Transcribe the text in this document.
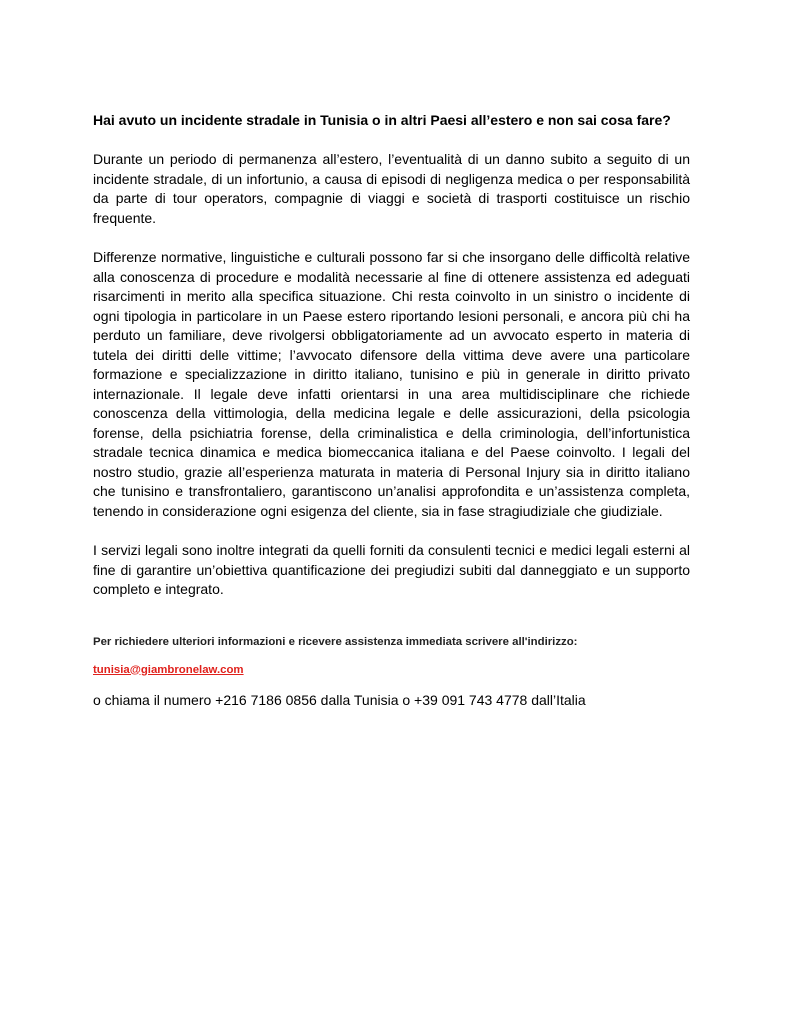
Hai avuto un incidente stradale in Tunisia o in altri Paesi all’estero e non sai cosa fare?

Durante un periodo di permanenza all’estero, l’eventualità di un danno subito a seguito di un incidente stradale, di un infortunio, a causa di episodi di negligenza medica o per responsabilità da parte di tour operators, compagnie di viaggi e società di trasporti costituisce un rischio frequente.

Differenze normative, linguistiche e culturali possono far si che insorgano delle difficoltà relative alla conoscenza di procedure e modalità necessarie al fine di ottenere assistenza ed adeguati risarcimenti in merito alla specifica situazione. Chi resta coinvolto in un sinistro o incidente di ogni tipologia in particolare in un Paese estero riportando lesioni personali, e ancora più chi ha perduto un familiare, deve rivolgersi obbligatoriamente ad un avvocato esperto in materia di tutela dei diritti delle vittime; l’avvocato difensore della vittima deve avere una particolare formazione e specializzazione in diritto italiano, tunisino e più in generale in diritto privato internazionale. Il legale deve infatti orientarsi in una area multidisciplinare che richiede conoscenza della vittimologia, della medicina legale e delle assicurazioni, della psicologia forense, della psichiatria forense, della criminalistica e della criminologia, dell’infortunistica stradale tecnica dinamica e medica biomeccanica italiana e del Paese coinvolto. I legali del nostro studio, grazie all’esperienza maturata in materia di Personal Injury sia in diritto italiano che tunisino e transfrontaliero, garantiscono un’analisi approfondita e un’assistenza completa, tenendo in considerazione ogni esigenza del cliente, sia in fase stragiudiziale che giudiziale.

I servizi legali sono inoltre integrati da quelli forniti da consulenti tecnici e medici legali esterni al fine di garantire un’obiettiva quantificazione dei pregiudizi subiti dal danneggiato e un supporto completo e integrato.

Per richiedere ulteriori informazioni e ricevere assistenza immediata scrivere all'indirizzo:
tunisia@giambronelaw.com
o chiama il numero +216 7186 0856 dalla Tunisia o +39 091 743 4778 dall’Italia
